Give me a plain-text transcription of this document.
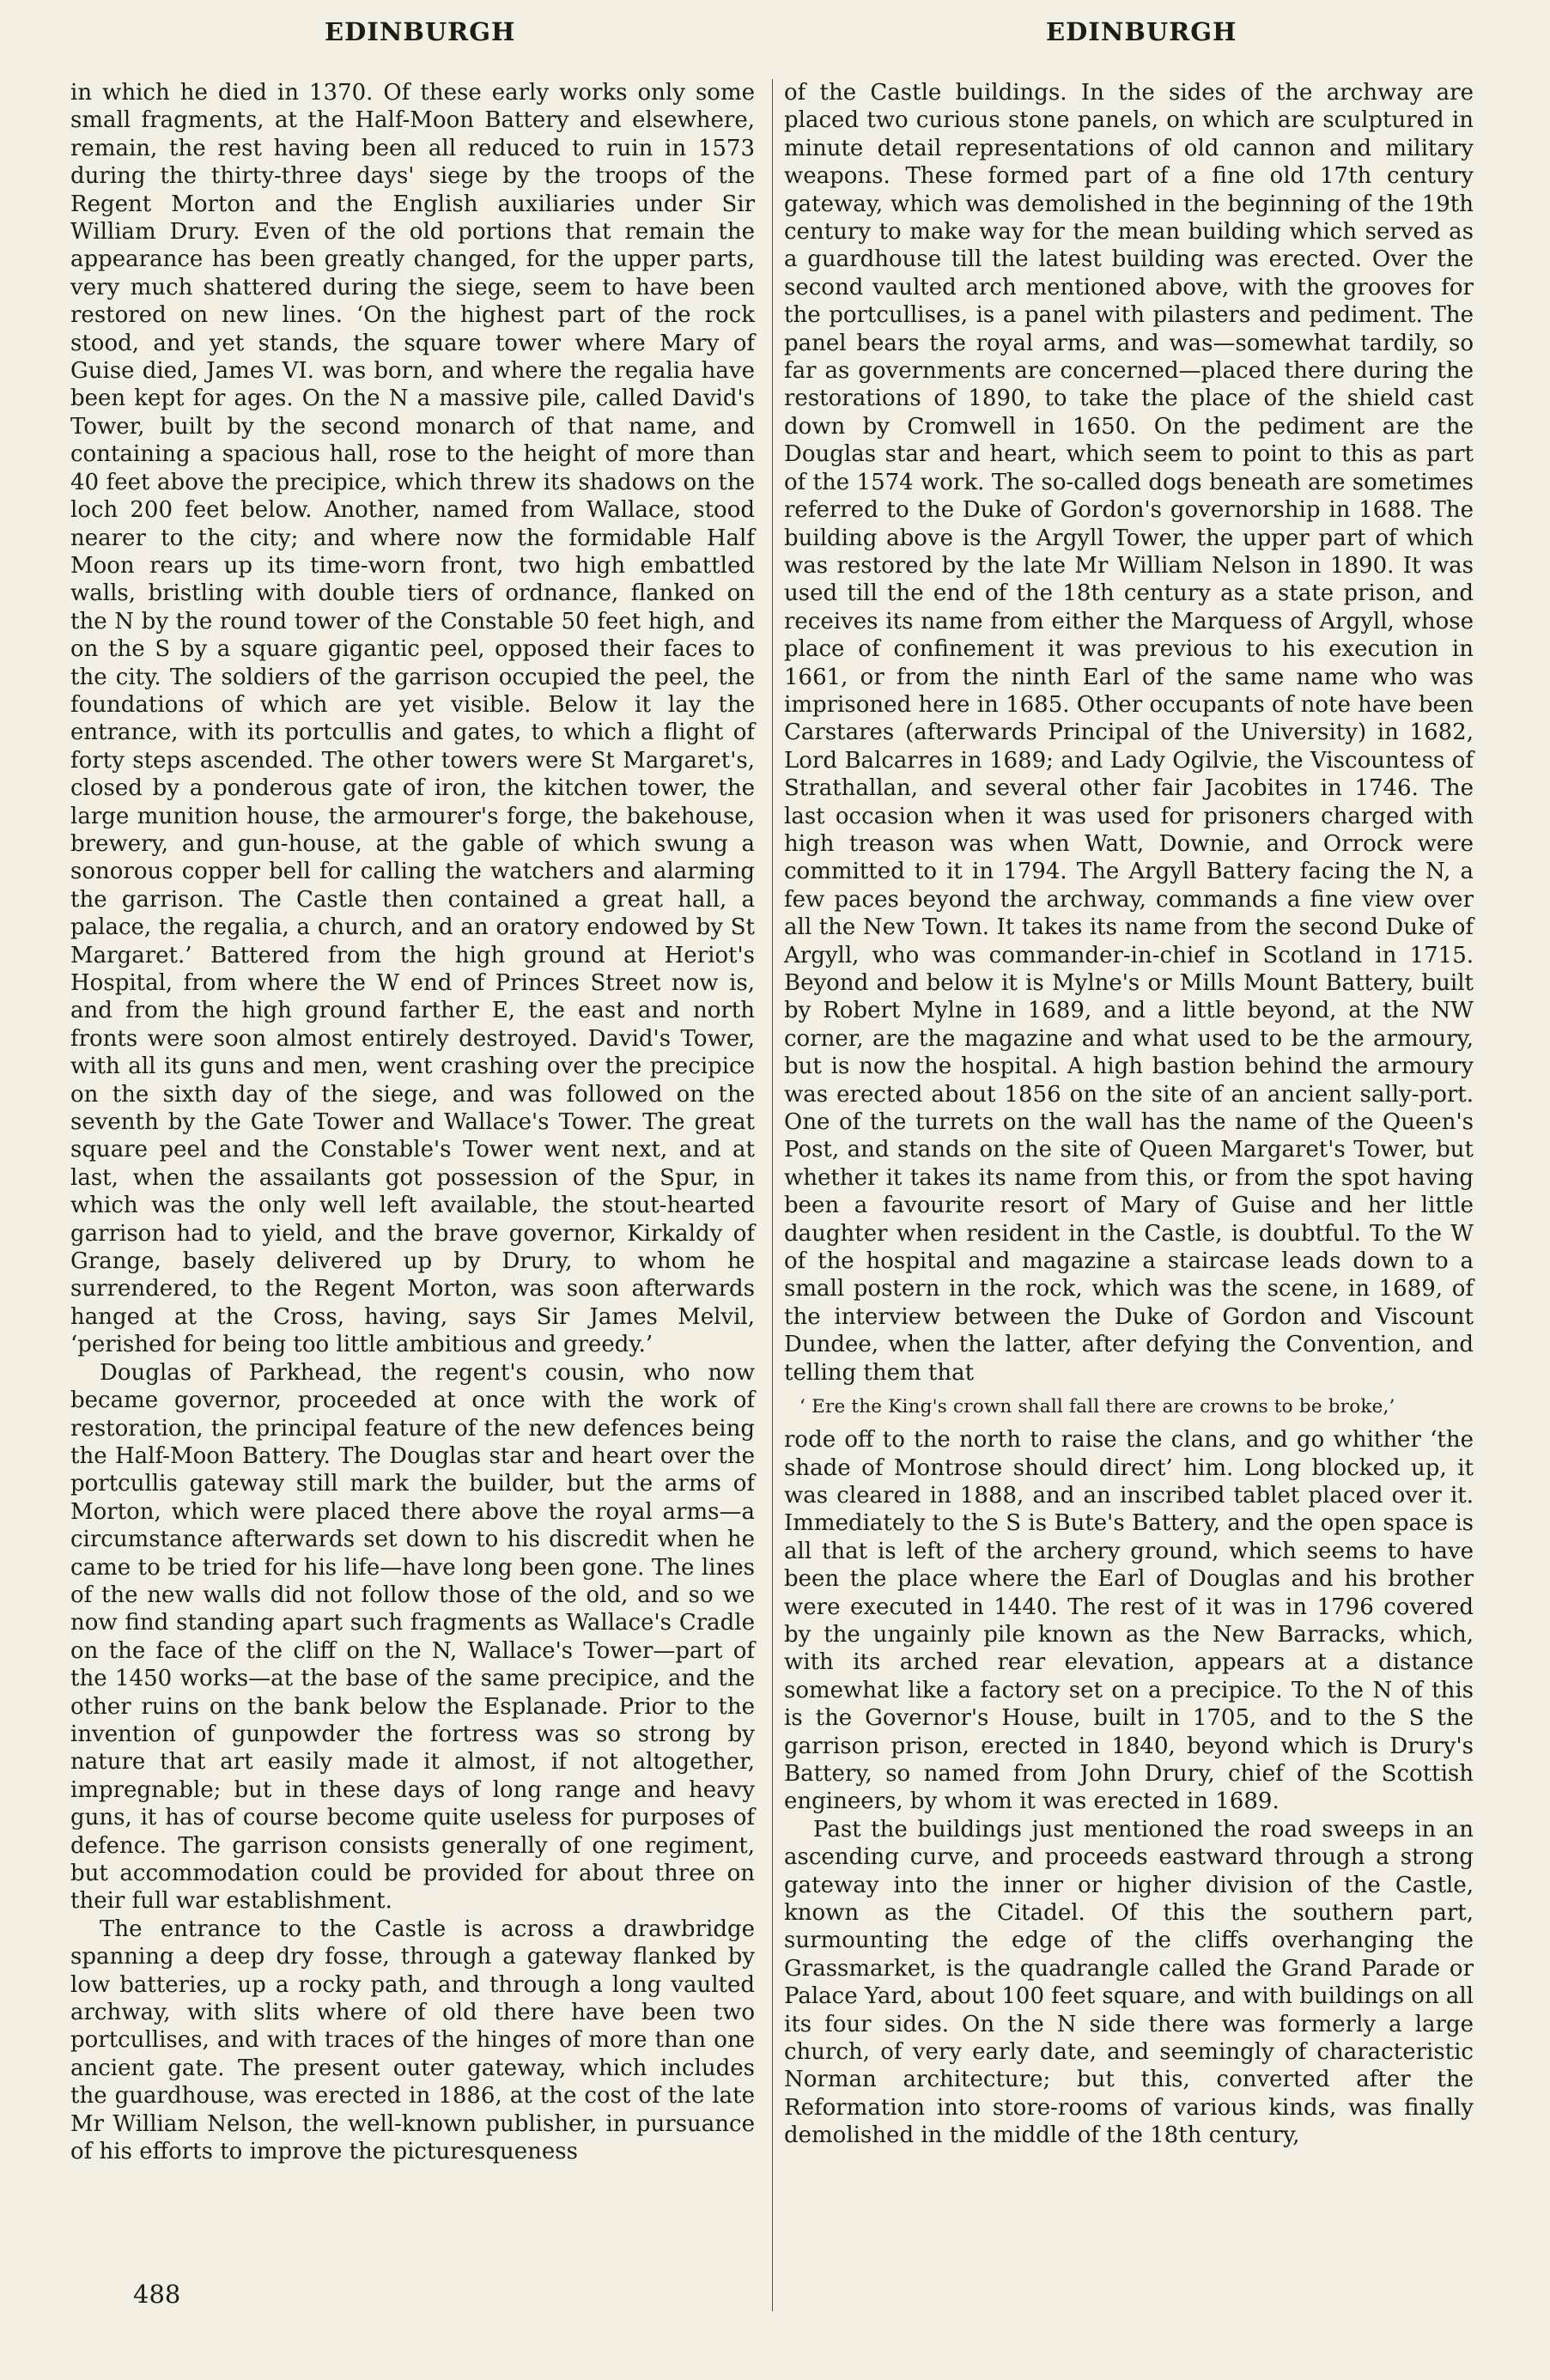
EDINBURGH	EDINBURGH

in which he died in 1370. Of these early works only some small fragments, at the Half-Moon Battery and elsewhere, remain, the rest having been all reduced to ruin in 1573 during the thirty-three days' siege by the troops of the Regent Morton and the English auxiliaries under Sir William Drury. Even of the old portions that remain the appearance has been greatly changed, for the upper parts, very much shattered during the siege, seem to have been restored on new lines. ‘On the highest part of the rock stood, and yet stands, the square tower where Mary of Guise died, James VI. was born, and where the regalia have been kept for ages. On the N a massive pile, called David's Tower, built by the second monarch of that name, and containing a spacious hall, rose to the height of more than 40 feet above the precipice, which threw its shadows on the loch 200 feet below. Another, named from Wallace, stood nearer to the city; and where now the formidable Half Moon rears up its time-worn front, two high embattled walls, bristling with double tiers of ordnance, flanked on the N by the round tower of the Constable 50 feet high, and on the S by a square gigantic peel, opposed their faces to the city. The soldiers of the garrison occupied the peel, the foundations of which are yet visible. Below it lay the entrance, with its portcullis and gates, to which a flight of forty steps ascended. The other towers were St Margaret's, closed by a ponderous gate of iron, the kitchen tower, the large munition house, the armourer's forge, the bakehouse, brewery, and gun-house, at the gable of which swung a sonorous copper bell for calling the watchers and alarming the garrison. The Castle then contained a great hall, a palace, the regalia, a church, and an oratory endowed by St Margaret.’ Battered from the high ground at Heriot's Hospital, from where the W end of Princes Street now is, and from the high ground farther E, the east and north fronts were soon almost entirely destroyed. David's Tower, with all its guns and men, went crashing over the precipice on the sixth day of the siege, and was followed on the seventh by the Gate Tower and Wallace's Tower. The great square peel and the Constable's Tower went next, and at last, when the assailants got possession of the Spur, in which was the only well left available, the stout-hearted garrison had to yield, and the brave governor, Kirkaldy of Grange, basely delivered up by Drury, to whom he surrendered, to the Regent Morton, was soon afterwards hanged at the Cross, having, says Sir James Melvil, ‘perished for being too little ambitious and greedy.’

Douglas of Parkhead, the regent's cousin, who now became governor, proceeded at once with the work of restoration, the principal feature of the new defences being the Half-Moon Battery. The Douglas star and heart over the portcullis gateway still mark the builder, but the arms of Morton, which were placed there above the royal arms—a circumstance afterwards set down to his discredit when he came to be tried for his life—have long been gone. The lines of the new walls did not follow those of the old, and so we now find standing apart such fragments as Wallace's Cradle on the face of the cliff on the N, Wallace's Tower—part of the 1450 works—at the base of the same precipice, and the other ruins on the bank below the Esplanade. Prior to the invention of gunpowder the fortress was so strong by nature that art easily made it almost, if not altogether, impregnable; but in these days of long range and heavy guns, it has of course become quite useless for purposes of defence. The garrison consists generally of one regiment, but accommodation could be provided for about three on their full war establishment.

The entrance to the Castle is across a drawbridge spanning a deep dry fosse, through a gateway flanked by low batteries, up a rocky path, and through a long vaulted archway, with slits where of old there have been two portcullises, and with traces of the hinges of more than one ancient gate. The present outer gateway, which includes the guardhouse, was erected in 1886, at the cost of the late Mr William Nelson, the well-known publisher, in pursuance of his efforts to improve the picturesqueness

of the Castle buildings. In the sides of the archway are placed two curious stone panels, on which are sculptured in minute detail representations of old cannon and military weapons. These formed part of a fine old 17th century gateway, which was demolished in the beginning of the 19th century to make way for the mean building which served as a guardhouse till the latest building was erected. Over the second vaulted arch mentioned above, with the grooves for the portcullises, is a panel with pilasters and pediment. The panel bears the royal arms, and was—somewhat tardily, so far as governments are concerned—placed there during the restorations of 1890, to take the place of the shield cast down by Cromwell in 1650. On the pediment are the Douglas star and heart, which seem to point to this as part of the 1574 work. The so-called dogs beneath are sometimes referred to the Duke of Gordon's governorship in 1688. The building above is the Argyll Tower, the upper part of which was restored by the late Mr William Nelson in 1890. It was used till the end of the 18th century as a state prison, and receives its name from either the Marquess of Argyll, whose place of confinement it was previous to his execution in 1661, or from the ninth Earl of the same name who was imprisoned here in 1685. Other occupants of note have been Carstares (afterwards Principal of the University) in 1682, Lord Balcarres in 1689; and Lady Ogilvie, the Viscountess of Strathallan, and several other fair Jacobites in 1746. The last occasion when it was used for prisoners charged with high treason was when Watt, Downie, and Orrock were committed to it in 1794. The Argyll Battery facing the N, a few paces beyond the archway, commands a fine view over all the New Town. It takes its name from the second Duke of Argyll, who was commander-in-chief in Scotland in 1715. Beyond and below it is Mylne's or Mills Mount Battery, built by Robert Mylne in 1689, and a little beyond, at the NW corner, are the magazine and what used to be the armoury, but is now the hospital. A high bastion behind the armoury was erected about 1856 on the site of an ancient sally-port. One of the turrets on the wall has the name of the Queen's Post, and stands on the site of Queen Margaret's Tower, but whether it takes its name from this, or from the spot having been a favourite resort of Mary of Guise and her little daughter when resident in the Castle, is doubtful. To the W of the hospital and magazine a staircase leads down to a small postern in the rock, which was the scene, in 1689, of the interview between the Duke of Gordon and Viscount Dundee, when the latter, after defying the Convention, and telling them that

‘ Ere the King's crown shall fall there are crowns to be broke,’

rode off to the north to raise the clans, and go whither ‘the shade of Montrose should direct’ him. Long blocked up, it was cleared in 1888, and an inscribed tablet placed over it. Immediately to the S is Bute's Battery, and the open space is all that is left of the archery ground, which seems to have been the place where the Earl of Douglas and his brother were executed in 1440. The rest of it was in 1796 covered by the ungainly pile known as the New Barracks, which, with its arched rear elevation, appears at a distance somewhat like a factory set on a precipice. To the N of this is the Governor's House, built in 1705, and to the S the garrison prison, erected in 1840, beyond which is Drury's Battery, so named from John Drury, chief of the Scottish engineers, by whom it was erected in 1689.

Past the buildings just mentioned the road sweeps in an ascending curve, and proceeds eastward through a strong gateway into the inner or higher division of the Castle, known as the Citadel. Of this the southern part, surmounting the edge of the cliffs overhanging the Grassmarket, is the quadrangle called the Grand Parade or Palace Yard, about 100 feet square, and with buildings on all its four sides. On the N side there was formerly a large church, of very early date, and seemingly of characteristic Norman architecture; but this, converted after the Reformation into store-rooms of various kinds, was finally demolished in the middle of the 18th century,

488
